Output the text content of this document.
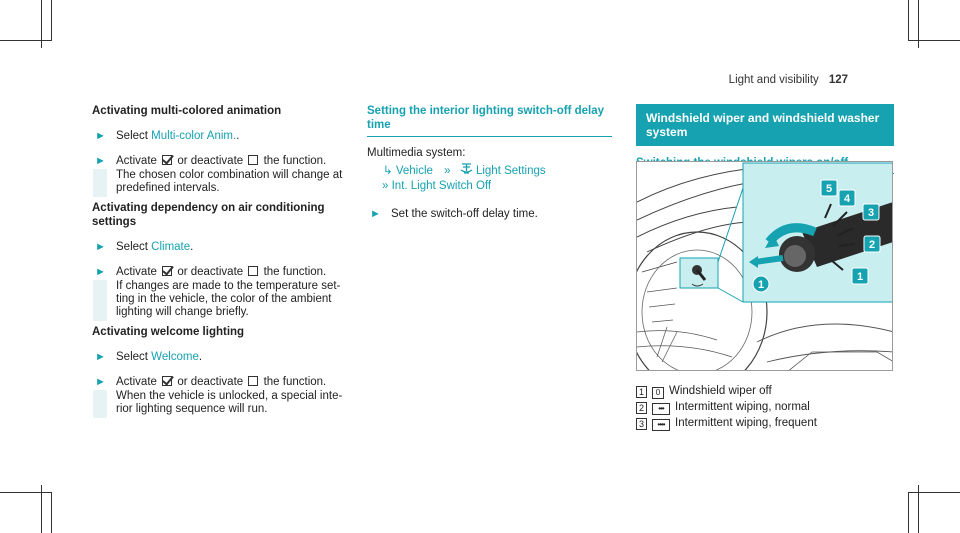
Light and visibility 127
Activating multi-colored animation
► Select Multi-color Anim..
► Activate or deactivate the function.
The chosen color combination will change at
predefined intervals.
Activating dependency on air conditioning settings
► Select Climate.
► Activate or deactivate the function.
If changes are made to the temperature set-
ting in the vehicle, the color of the ambient
lighting will change briefly.
Activating welcome lighting
► Select Welcome.
► Activate or deactivate the function.
When the vehicle is unlocked, a special inte-
rior lighting sequence will run.
Setting the interior lighting switch-off delay time
Multimedia system:
↳ Vehicle » Light Settings
» Int. Light Switch Off
► Set the switch-off delay time.
Windshield wiper and windshield washer system
5
4
3
2
1
1
1 0 Windshield wiper off
2 ••• Intermittent wiping, normal
3 •••• Intermittent wiping, frequent
